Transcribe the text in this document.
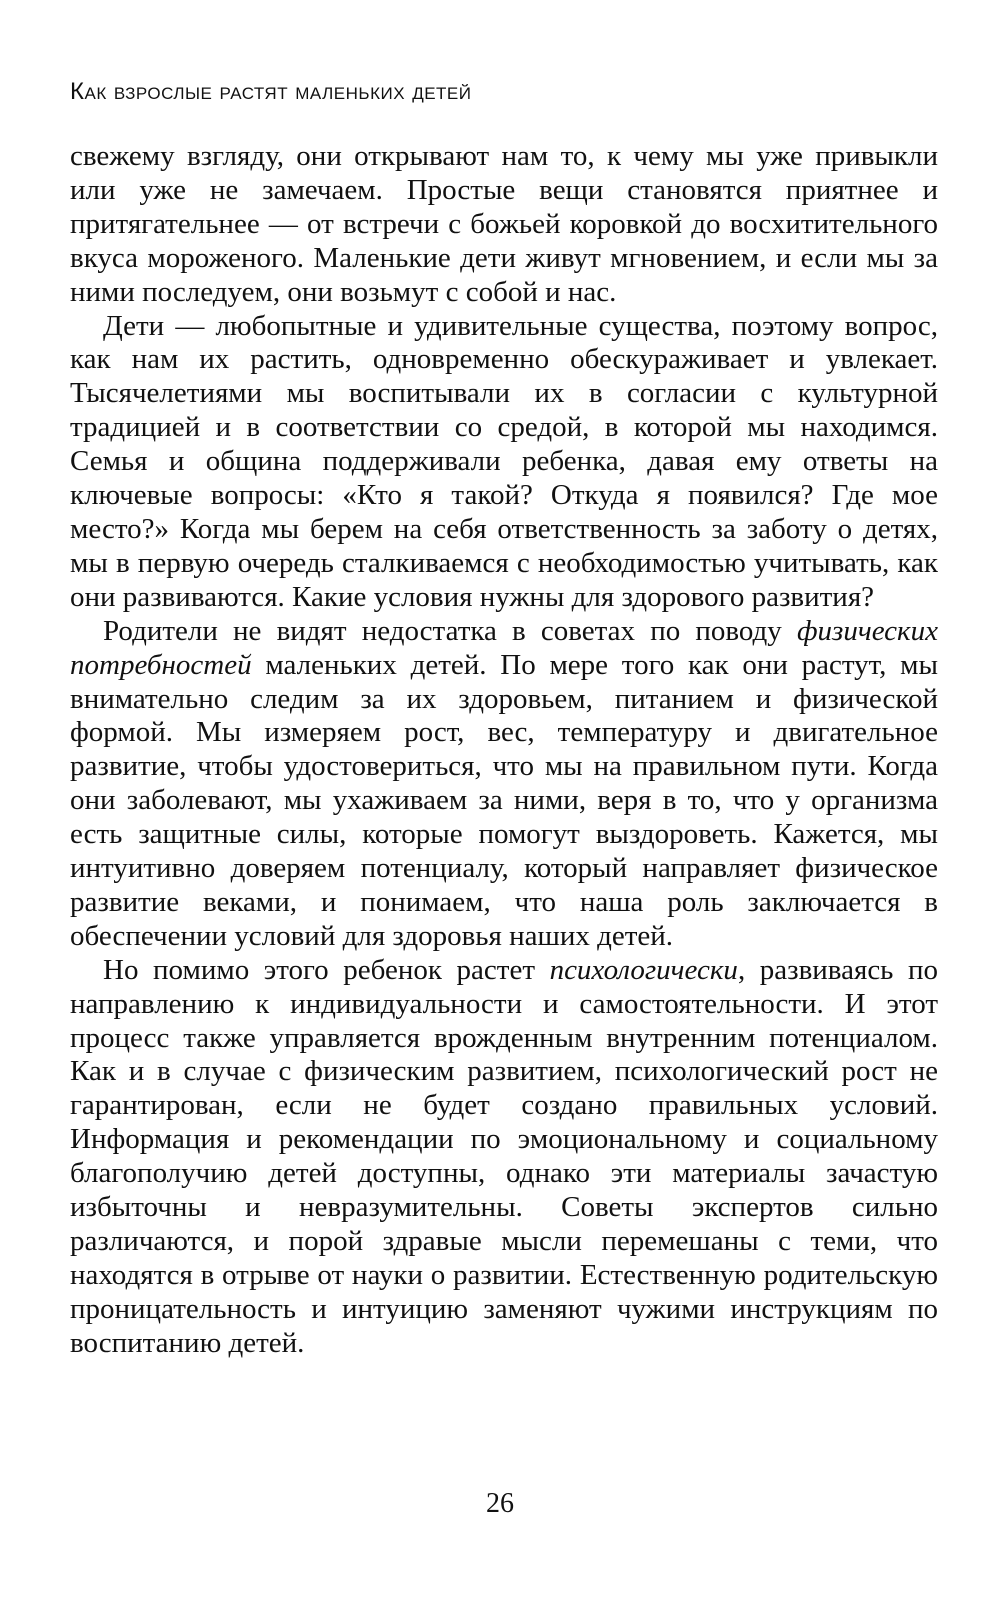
Как взрослые растят маленьких детей

свежему взгляду, они открывают нам то, к чему мы уже привыкли или уже не замечаем. Простые вещи становятся приятнее и притягательнее — от встречи с божьей коровкой до восхитительного вкуса мороженого. Маленькие дети живут мгновением, и если мы за ними последуем, они возьмут с собой и нас.

Дети — любопытные и удивительные существа, поэтому вопрос, как нам их растить, одновременно обескураживает и увлекает. Тысячелетиями мы воспитывали их в согласии с культурной традицией и в соответствии со средой, в которой мы находимся. Семья и община поддерживали ребенка, давая ему ответы на ключевые вопросы: «Кто я такой? Откуда я появился? Где мое место?» Когда мы берем на себя ответственность за заботу о детях, мы в первую очередь сталкиваемся с необходимостью учитывать, как они развиваются. Какие условия нужны для здорового развития?

Родители не видят недостатка в советах по поводу физических потребностей маленьких детей. По мере того как они растут, мы внимательно следим за их здоровьем, питанием и физической формой. Мы измеряем рост, вес, температуру и двигательное развитие, чтобы удостовериться, что мы на правильном пути. Когда они заболевают, мы ухаживаем за ними, веря в то, что у организма есть защитные силы, которые помогут выздороветь. Кажется, мы интуитивно доверяем потенциалу, который направляет физическое развитие веками, и понимаем, что наша роль заключается в обеспечении условий для здоровья наших детей.

Но помимо этого ребенок растет психологически, развиваясь по направлению к индивидуальности и самостоятельности. И этот процесс также управляется врожденным внутренним потенциалом. Как и в случае с физическим развитием, психологический рост не гарантирован, если не будет создано правильных условий. Информация и рекомендации по эмоциональному и социальному благополучию детей доступны, однако эти материалы зачастую избыточны и невразумительны. Советы экспертов сильно различаются, и порой здравые мысли перемешаны с теми, что находятся в отрыве от науки о развитии. Естественную родительскую проницательность и интуицию заменяют чужими инструкциям по воспитанию детей.

26
